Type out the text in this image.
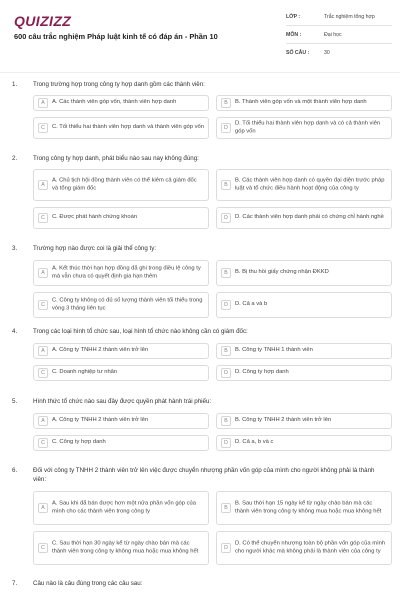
QUIZIZZ
600 câu trắc nghiệm Pháp luật kinh tế có đáp án - Phần 10
LỚP :	Trắc nghiệm tổng hợp
MÔN :	Đại học
SỐ CÂU :	30
1.	Trong trường hợp trong công ty hợp danh gồm các thành viên:
A	A. Các thành viên góp vốn, thành viên hợp danh	B	B. Thành viên góp vốn và một thành viên hợp danh
C	C. Tối thiểu hai thành viên hợp danh và thành viên góp vốn	D
D. Tối thiểu hai thành viên hợp danh và có cả thành viên góp vốn
2.	Trong công ty hợp danh, phát biểu nào sau nay không đúng:
A
A. Chủ tịch hội đồng thành viên có thể kiêm cả giám đốc và tổng giám đốc	B
B. Các thành viên hợp danh có quyền đại diện trước pháp luật và tổ chức điều hành hoạt động của công ty
C	C. Được phát hành chứng khoán	D	D. Các thành viên hợp danh phải có chứng chỉ hành nghề
3.	Trường hợp nào được coi là giải thể công ty:
A
A. Kết thúc thời hạn hợp đồng đã ghi trong điều lệ công ty mà vẫn chưa có quyết định gia hạn thêm	B	B. Bị thu hồi giấy chứng nhận ĐKKD
C
C. Công ty không có đủ số lượng thành viên tối thiểu trong vòng 3 tháng liên tục	D	D. Cả a và b
4.	Trong các loại hình tổ chức sau, loại hình tổ chức nào không cần có giám đốc:
A	A. Công ty TNHH 2 thành viên trở lên	B	B. Công ty TNHH 1 thành viên
C	C. Doanh nghiệp tư nhân	D	D. Công ty hợp danh
5.	Hình thức tổ chức nào sau đây được quyền phát hành trái phiếu:
A	A. Công ty TNHH 2 thành viên trở lên	B	B. Công ty TNHH 2 thành viên trở lên
C	C. Công ty hợp danh	D	D. Cả a, b và c
6.	Đối với công ty TNHH 2 thành viên trở lên việc được chuyển nhượng phần vốn góp của mình cho người không phải là thành viên:
A
A. Sau khi đã bán được hơn một nửa phần vốn góp của mình cho các thành viên trong công ty	B
B. Sau thời hạn 15 ngày kể từ ngày chào bán mà các thành viên trong công ty không mua hoặc mua không hết
C
C. Sau thời hạn 30 ngày kể từ ngày chào bán mà các thành viên trong công ty không mua hoặc mua không hết	D
D. Có thể chuyển nhượng toàn bộ phần vốn góp của mình cho người khác mà không phải là thành viên của công ty
7.	Câu nào là câu đúng trong các câu sau:
